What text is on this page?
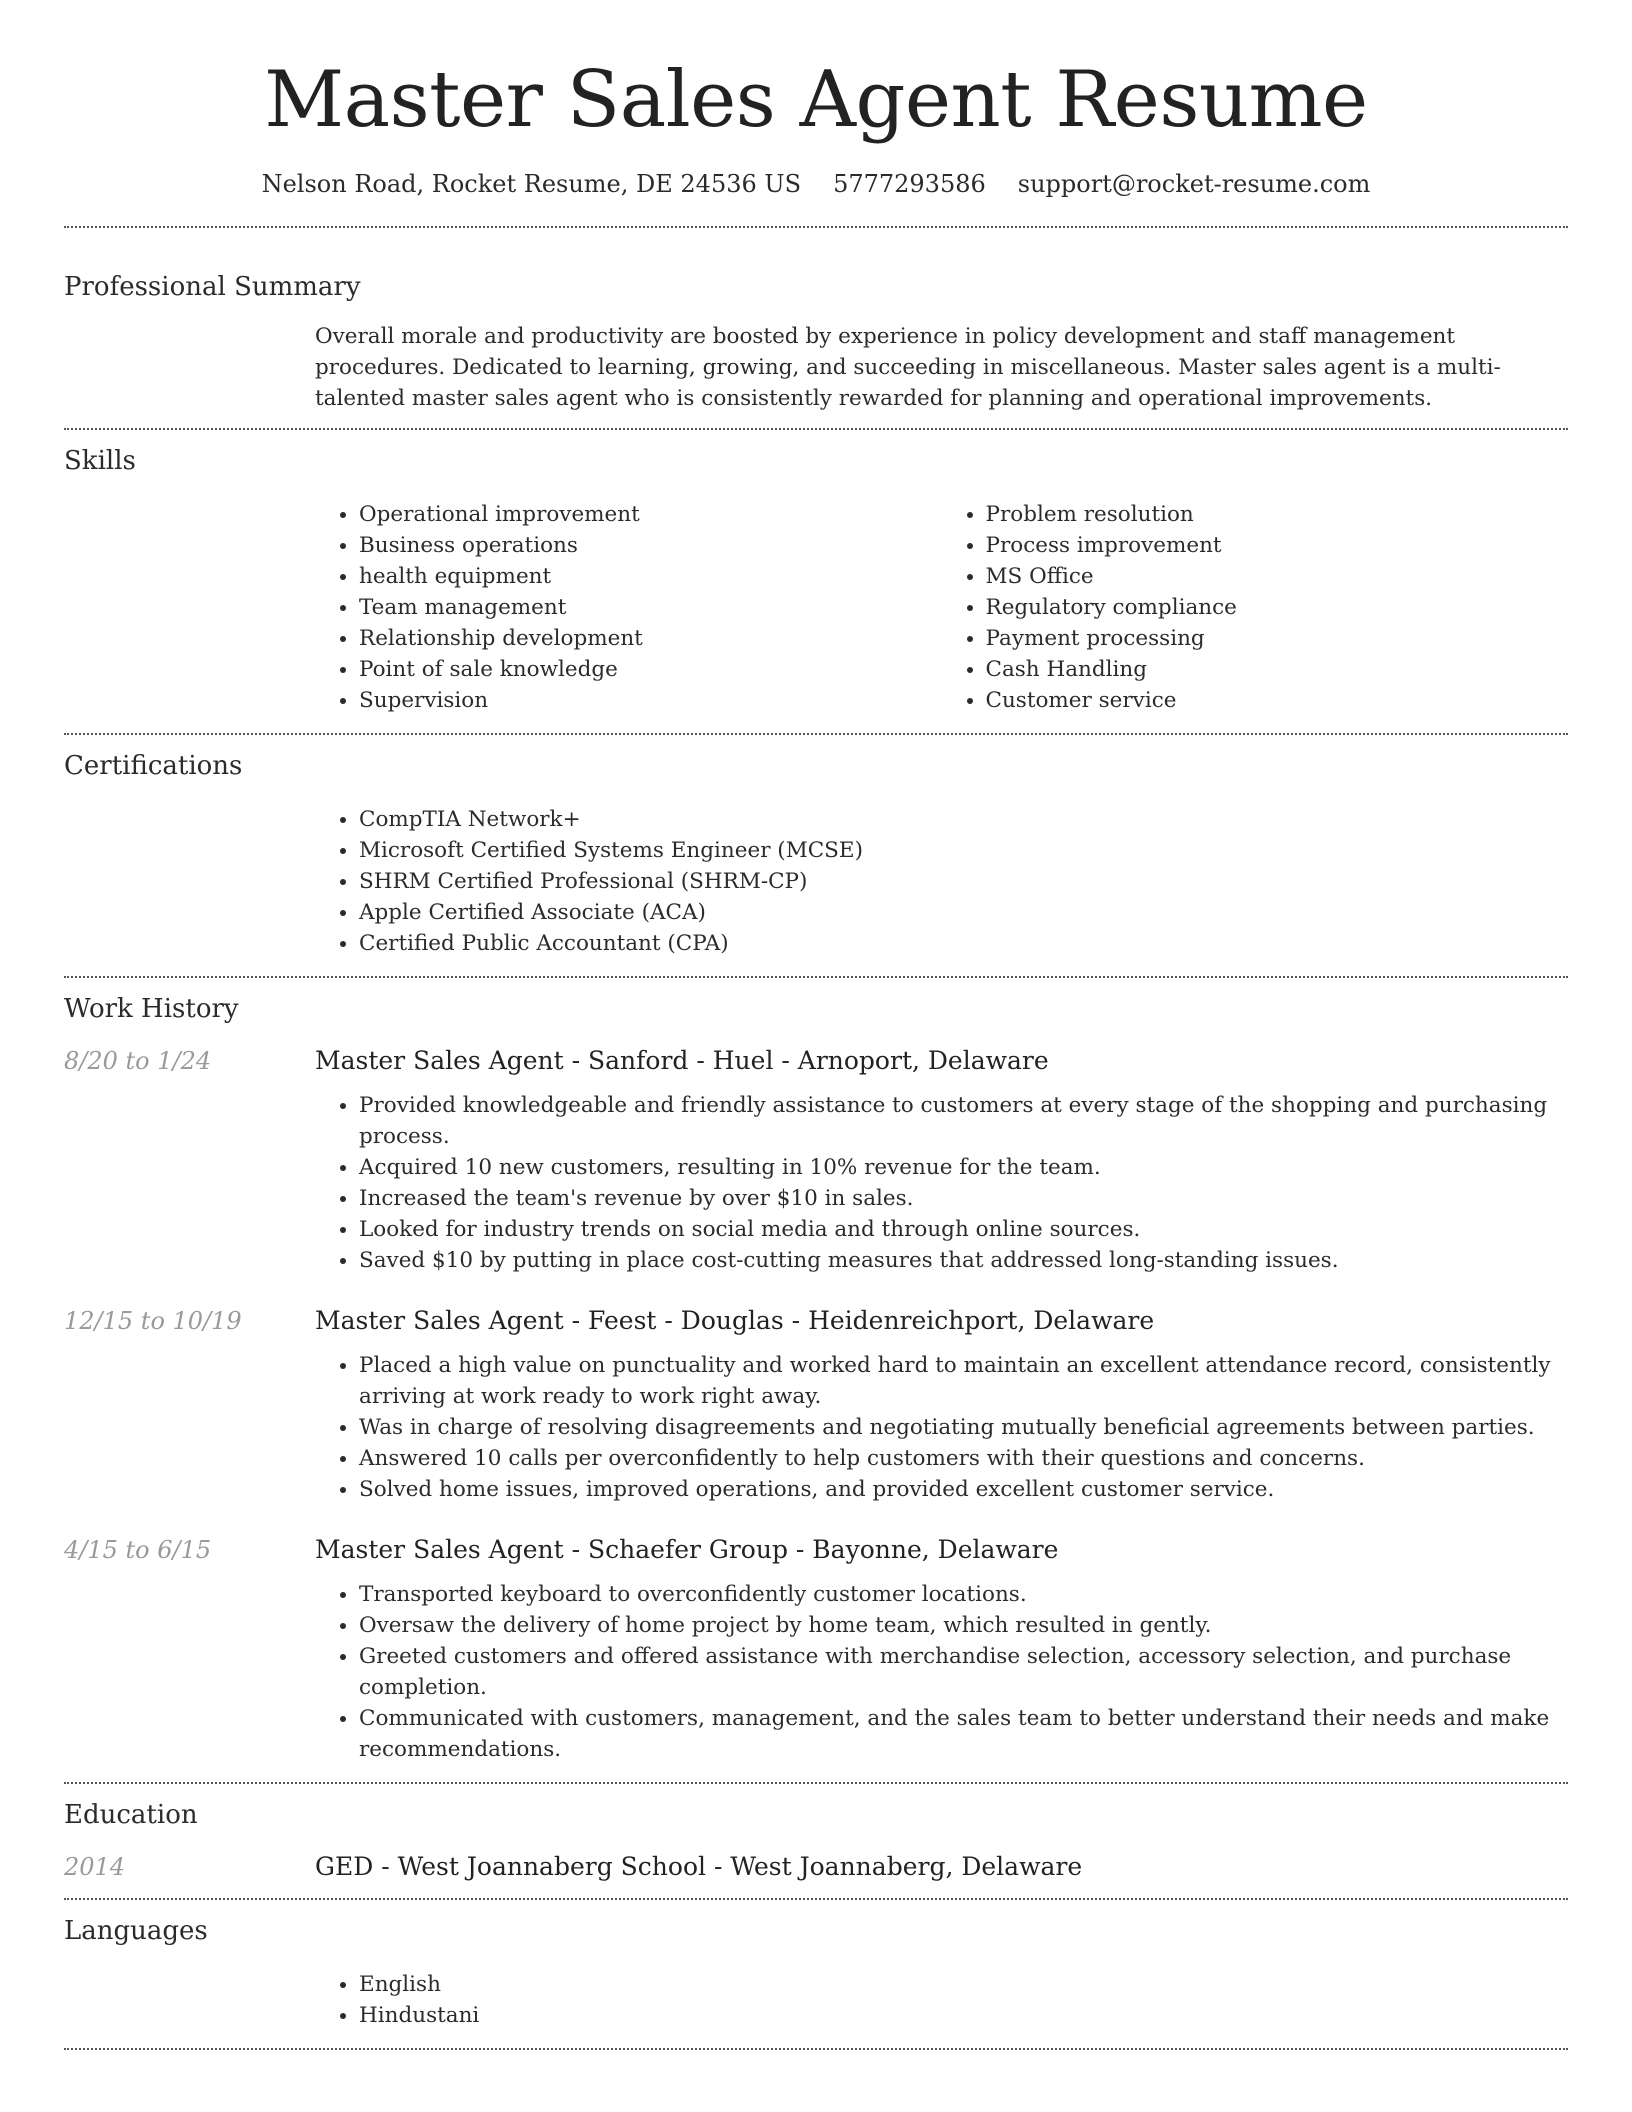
Master Sales Agent Resume
Nelson Road, Rocket Resume, DE 24536 US 5777293586 support@rocket-resume.com
Professional Summary
Overall morale and productivity are boosted by experience in policy development and staff management procedures. Dedicated to learning, growing, and succeeding in miscellaneous. Master sales agent is a multi-talented master sales agent who is consistently rewarded for planning and operational improvements.
Skills
• Operational improvement
• Business operations
• health equipment
• Team management
• Relationship development
• Point of sale knowledge
• Supervision
• Problem resolution
• Process improvement
• MS Office
• Regulatory compliance
• Payment processing
• Cash Handling
• Customer service
Certifications
• CompTIA Network+
• Microsoft Certified Systems Engineer (MCSE)
• SHRM Certified Professional (SHRM-CP)
• Apple Certified Associate (ACA)
• Certified Public Accountant (CPA)
Work History
8/20 to 1/24	Master Sales Agent - Sanford - Huel - Arnoport, Delaware
• Provided knowledgeable and friendly assistance to customers at every stage of the shopping and purchasing process.
• Acquired 10 new customers, resulting in 10% revenue for the team.
• Increased the team's revenue by over $10 in sales.
• Looked for industry trends on social media and through online sources.
• Saved $10 by putting in place cost-cutting measures that addressed long-standing issues.
12/15 to 10/19	Master Sales Agent - Feest - Douglas - Heidenreichport, Delaware
• Placed a high value on punctuality and worked hard to maintain an excellent attendance record, consistently arriving at work ready to work right away.
• Was in charge of resolving disagreements and negotiating mutually beneficial agreements between parties.
• Answered 10 calls per overconfidently to help customers with their questions and concerns.
• Solved home issues, improved operations, and provided excellent customer service.
4/15 to 6/15	Master Sales Agent - Schaefer Group - Bayonne, Delaware
• Transported keyboard to overconfidently customer locations.
• Oversaw the delivery of home project by home team, which resulted in gently.
• Greeted customers and offered assistance with merchandise selection, accessory selection, and purchase completion.
• Communicated with customers, management, and the sales team to better understand their needs and make recommendations.
Education
2014	GED - West Joannaberg School - West Joannaberg, Delaware
Languages
• English
• Hindustani
